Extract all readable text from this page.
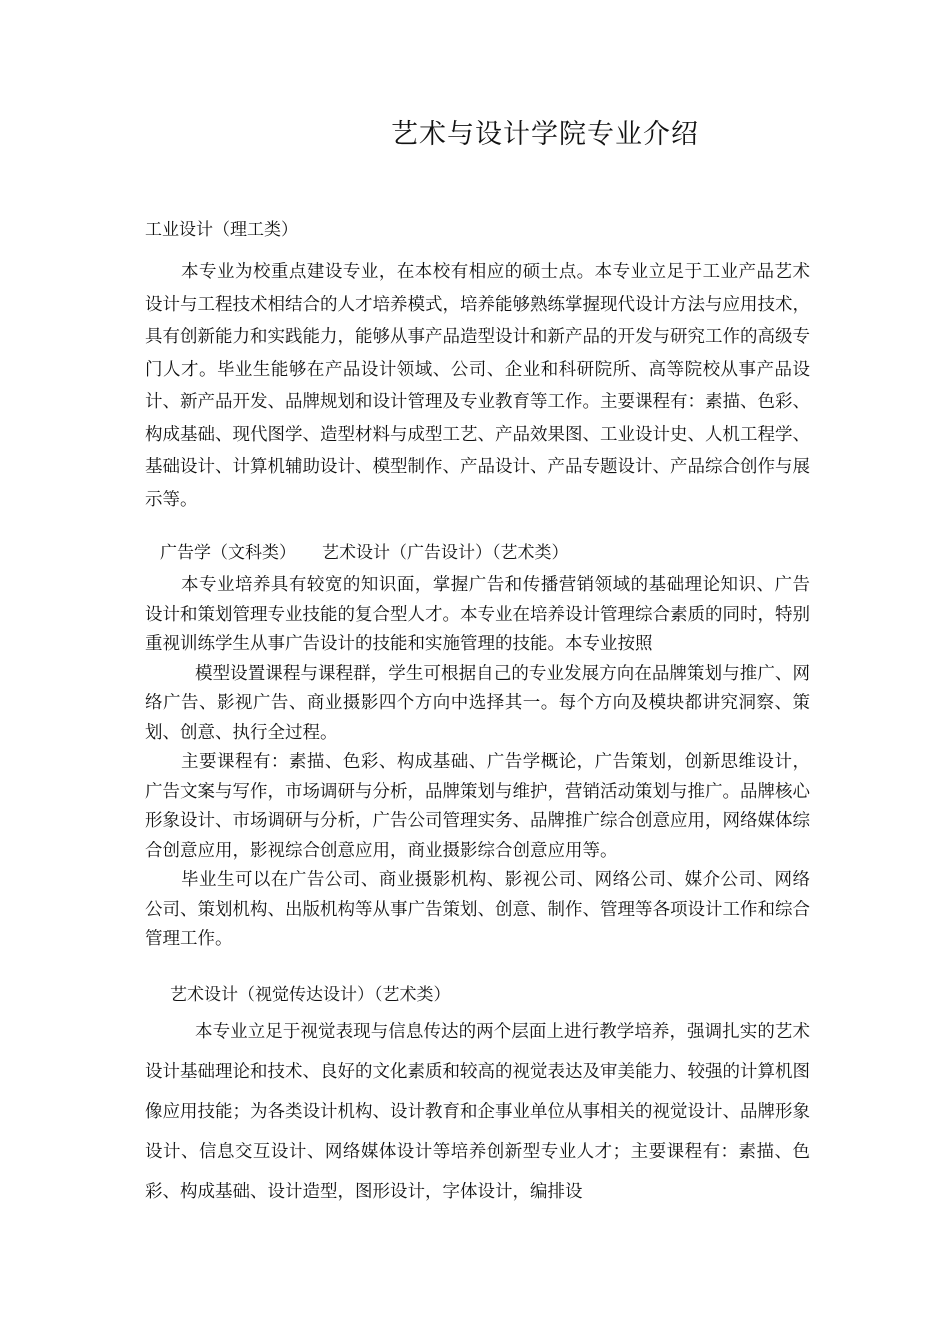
艺术与设计学院专业介绍
工业设计（理工类）

本专业为校重点建设专业，在本校有相应的硕士点。本专业立足于工业产品艺术设计与工程技术相结合的人才培养模式，培养能够熟练掌握现代设计方法与应用技术，具有创新能力和实践能力，能够从事产品造型设计和新产品的开发与研究工作的高级专门人才。毕业生能够在产品设计领域、公司、企业和科研院所、高等院校从事产品设计、新产品开发、品牌规划和设计管理及专业教育等工作。主要课程有：素描、色彩、构成基础、现代图学、造型材料与成型工艺、产品效果图、工业设计史、人机工程学、基础设计、计算机辅助设计、模型制作、产品设计、产品专题设计、产品综合创作与展示等。

广告学（文科类） 艺术设计（广告设计）（艺术类）

本专业培养具有较宽的知识面，掌握广告和传播营销领域的基础理论知识、广告设计和策划管理专业技能的复合型人才。本专业在培养设计管理综合素质的同时，特别重视训练学生从事广告设计的技能和实施管理的技能。本专业按照

模型设置课程与课程群，学生可根据自己的专业发展方向在品牌策划与推广、网络广告、影视广告、商业摄影四个方向中选择其一。每个方向及模块都讲究洞察、策划、创意、执行全过程。

主要课程有：素描、色彩、构成基础、广告学概论，广告策划，创新思维设计，广告文案与写作，市场调研与分析，品牌策划与维护，营销活动策划与推广。品牌核心形象设计、市场调研与分析，广告公司管理实务、品牌推广综合创意应用，网络媒体综合创意应用，影视综合创意应用，商业摄影综合创意应用等。

毕业生可以在广告公司、商业摄影机构、影视公司、网络公司、媒介公司、网络公司、策划机构、出版机构等从事广告策划、创意、制作、管理等各项设计工作和综合管理工作。

艺术设计（视觉传达设计）（艺术类）

本专业立足于视觉表现与信息传达的两个层面上进行教学培养，强调扎实的艺术设计基础理论和技术、良好的文化素质和较高的视觉表达及审美能力、较强的计算机图像应用技能；为各类设计机构、设计教育和企事业单位从事相关的视觉设计、品牌形象设计、信息交互设计、网络媒体设计等培养创新型专业人才；主要课程有：素描、色彩、构成基础、设计造型，图形设计，字体设计，编排设
